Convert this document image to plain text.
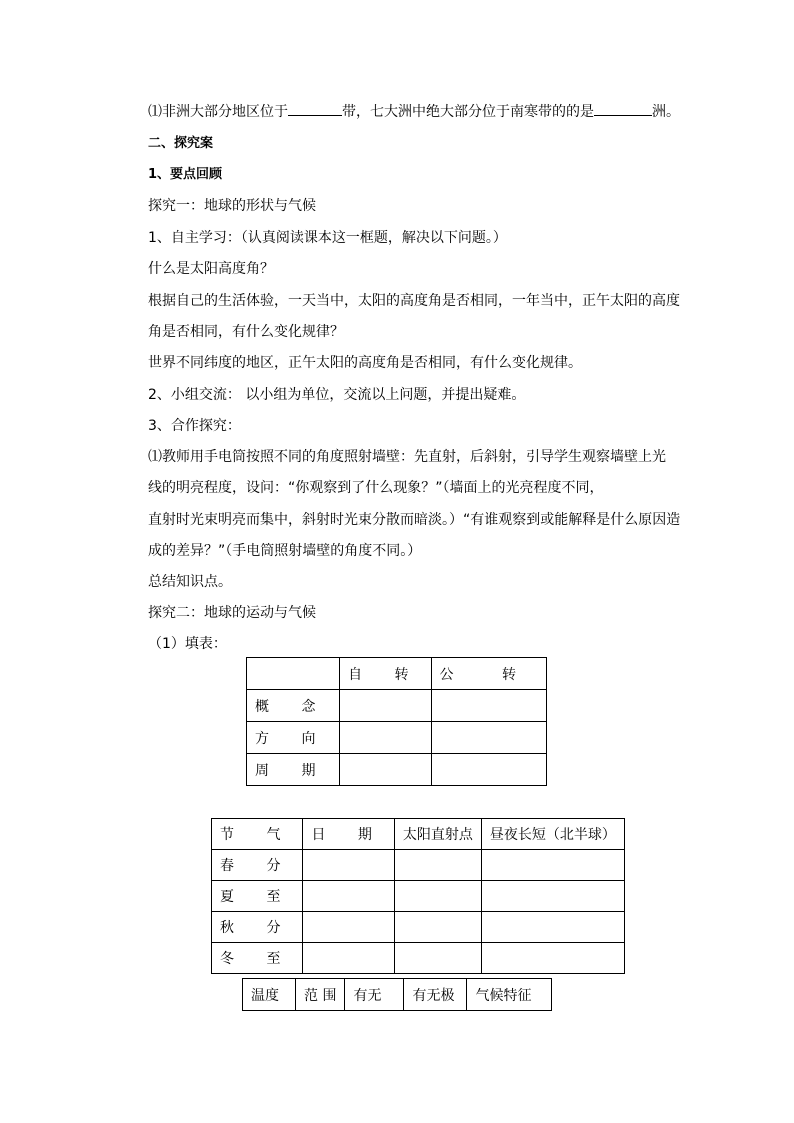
⑴非洲大部分地区位于	带，七大洲中绝大部分位于南寒带的的是	洲。
二、探究案
1、要点回顾
探究一：地球的形状与气候
1、自主学习：（认真阅读课本这一框题，解决以下问题。）
什么是太阳高度角？
根据自己的生活体验，一天当中，太阳的高度角是否相同，一年当中，正午太阳的高度
角是否相同，有什么变化规律？
世界不同纬度的地区，正午太阳的高度角是否相同，有什么变化规律。
2、小组交流： 以小组为单位，交流以上问题，并提出疑难。
3、合作探究：
⑴教师用手电筒按照不同的角度照射墙壁：先直射，后斜射，引导学生观察墙壁上光
线的明亮程度，设问：“你观察到了什么现象？”（墙面上的光亮程度不同，
直射时光束明亮而集中，斜射时光束分散而暗淡。）“有谁观察到或能解释是什么原因造
成的差异？”（手电筒照射墙壁的角度不同。）
总结知识点。
探究二：地球的运动与气候
（1）填表：
	自 转	公 转
概 念		
方 向		
周 期		
节 气	日 期	太阳直射点	昼夜长短（北半球）
春 分			
夏 至			
秋 分			
冬 至			
温度	范 围	有无	有无极	气候特征
